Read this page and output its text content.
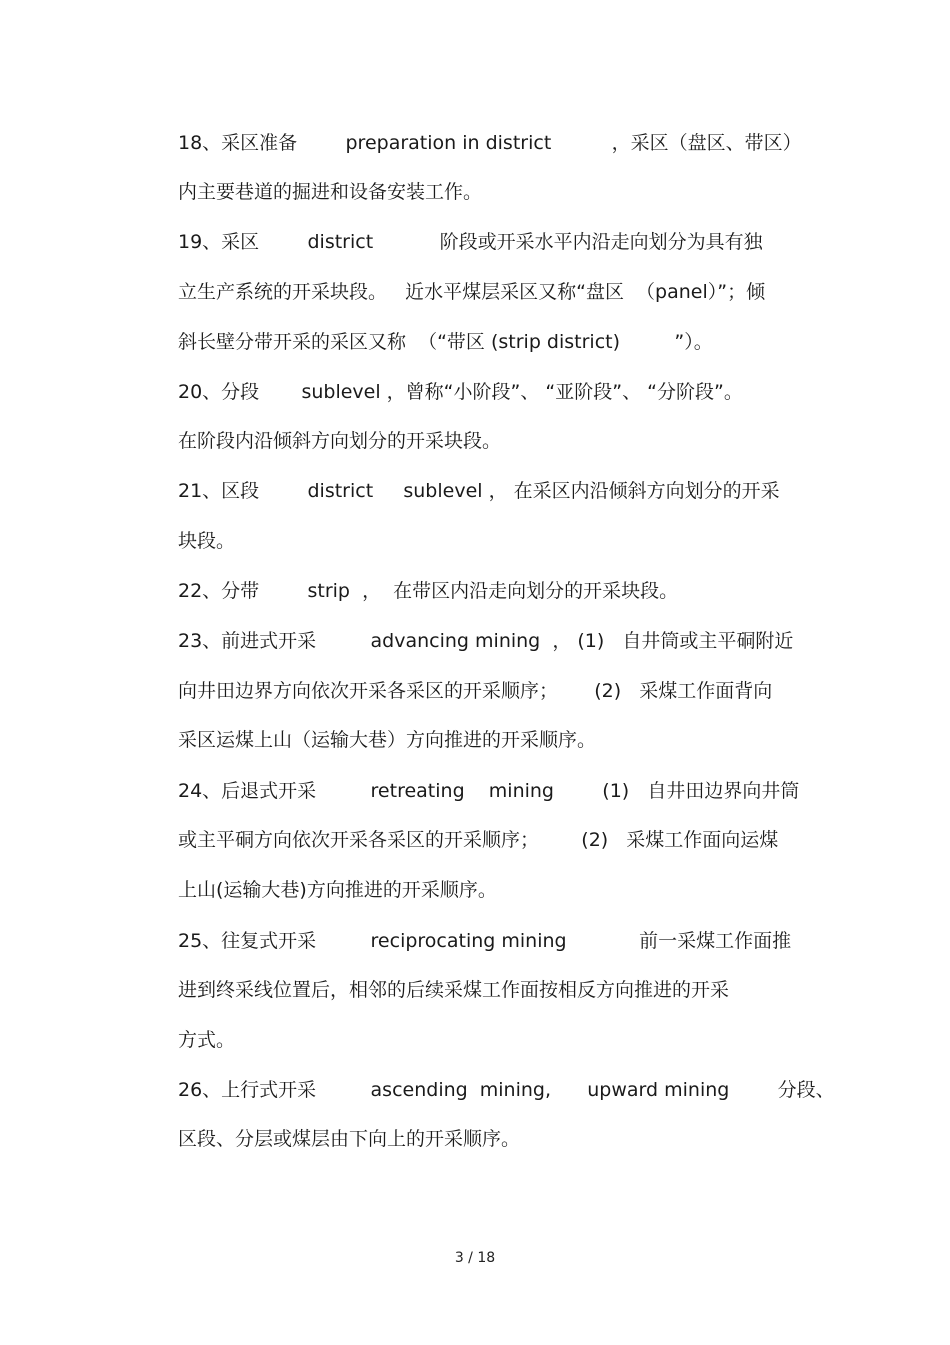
18、采区准备        preparation in district          ，采区（盘区、带区）

内主要巷道的掘进和设备安装工作。

19、采区        district           阶段或开采水平内沿走向划分为具有独

立生产系统的开采块段。   近水平煤层采区又称“盘区  （panel）”；倾

斜长壁分带开采的采区又称  （“带区 (strip district)         ”）。

20、分段       sublevel ，曾称“小阶段”、 “亚阶段”、 “分阶段”。

在阶段内沿倾斜方向划分的开采块段。

21、区段        district     sublevel ， 在采区内沿倾斜方向划分的开采

块段。

22、分带        strip  ，  在带区内沿走向划分的开采块段。

23、前进式开采         advancing mining  ， (1)   自井筒或主平硐附近

向井田边界方向依次开采各采区的开采顺序；      (2)   采煤工作面背向

采区运煤上山（运输大巷）方向推进的开采顺序。

24、后退式开采         retreating    mining        (1)   自井田边界向井筒

或主平硐方向依次开采各采区的开采顺序；       (2)   采煤工作面向运煤

上山(运输大巷)方向推进的开采顺序。

25、往复式开采         reciprocating mining            前一采煤工作面推

进到终采线位置后，相邻的后续采煤工作面按相反方向推进的开采

方式。

26、上行式开采         ascending  mining,      upward mining        分段、

区段、分层或煤层由下向上的开采顺序。

3 / 18
